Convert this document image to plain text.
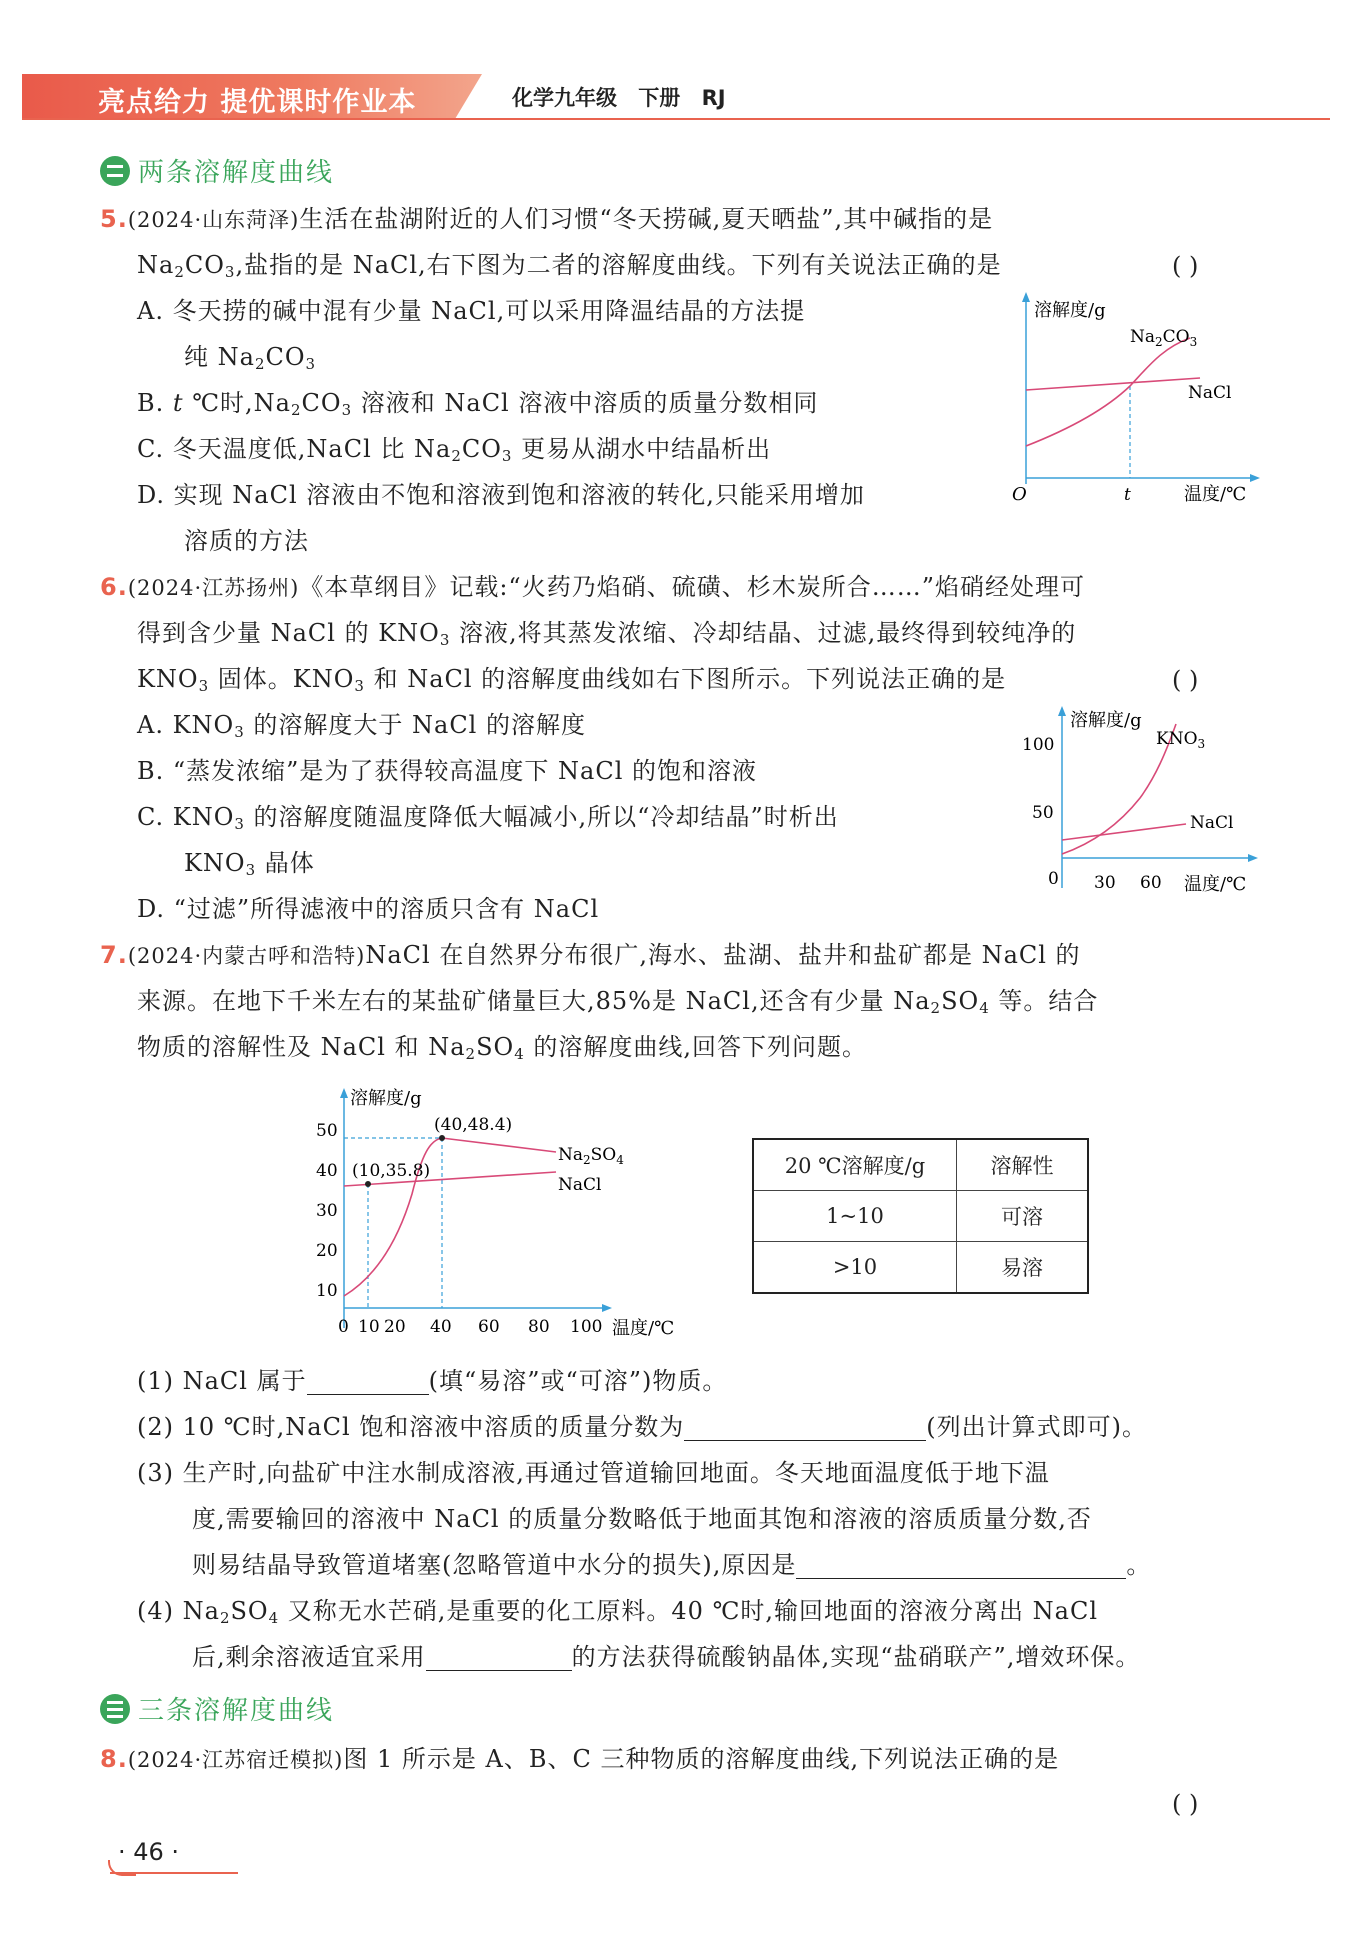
亮点给力 提优课时作业本	化学九年级 下册 RJ
两条溶解度曲线
5.(2024·山东菏泽)生活在盐湖附近的人们习惯“冬天捞碱,夏天晒盐”,其中碱指的是
$Na_2CO_3$,盐指的是 NaCl,右下图为二者的溶解度曲线。下列有关说法正确的是	( )
A. 冬天捞的碱中混有少量 NaCl,可以采用降温结晶的方法提
纯 $Na_2CO_3$
B. t ℃时$,Na_2CO_3$ 溶液和 NaCl 溶液中溶质的质量分数相同
C. 冬天温度低,NaCl 比 $Na_2CO_3$ 更易从湖水中结晶析出
D. 实现 NaCl 溶液由不饱和溶液到饱和溶液的转化,只能采用增加
溶质的方法
溶解度/g
$Na_2CO_3$
NaCl
O	t	温度/℃
6.(2024·江苏扬州)《本草纲目》记载:“火药乃焰硝、硫磺、杉木炭所合……”焰硝经处理可
得到含少量 NaCl 的 $KNO_3$ 溶液,将其蒸发浓缩、冷却结晶、过滤,最终得到较纯净的
$KNO_3$ 固体。$KNO_3$ 和 NaCl 的溶解度曲线如右下图所示。下列说法正确的是	( )
A. $KNO_3$ 的溶解度大于 NaCl 的溶解度
B. “蒸发浓缩”是为了获得较高温度下 NaCl 的饱和溶液
C. $KNO_3$ 的溶解度随温度降低大幅减小,所以“冷却结晶”时析出
$KNO_3$ 晶体
D. “过滤”所得滤液中的溶质只含有 NaCl
溶解度/g
100
50
0 30 60 温度/℃
$KNO_3$
NaCl
7.(2024·内蒙古呼和浩特)NaCl 在自然界分布很广,海水、盐湖、盐井和盐矿都是 NaCl 的
来源。在地下千米左右的某盐矿储量巨大,85%是 NaCl,还含有少量 $Na_2SO_4$ 等。结合
物质的溶解性及 NaCl 和 $Na_2SO_4$ 的溶解度曲线,回答下列问题。
溶解度/g
50
40
30
20
10
0 10 20 40 60 80 100 温度/℃
(40,48.4)
(10,35.8)
$Na_2SO_4$
NaCl
20 ℃溶解度/g	溶解性
1~10	可溶
>10	易溶
(1) NaCl 属于	(填“易溶”或“可溶”)物质。
(2) 10 ℃时,NaCl 饱和溶液中溶质的质量分数为	(列出计算式即可)。
(3) 生产时,向盐矿中注水制成溶液,再通过管道输回地面。冬天地面温度低于地下温
度,需要输回的溶液中 NaCl 的质量分数略低于地面其饱和溶液的溶质质量分数,否
则易结晶导致管道堵塞(忽略管道中水分的损失),原因是	。
(4) $Na_2SO_4$ 又称无水芒硝,是重要的化工原料。40 ℃时,输回地面的溶液分离出 NaCl
后,剩余溶液适宜采用	的方法获得硫酸钠晶体,实现“盐硝联产”,增效环保。
三条溶解度曲线
8.(2024·江苏宿迁模拟)图 1 所示是 A、B、C 三种物质的溶解度曲线,下列说法正确的是
( )
· 46 ·
